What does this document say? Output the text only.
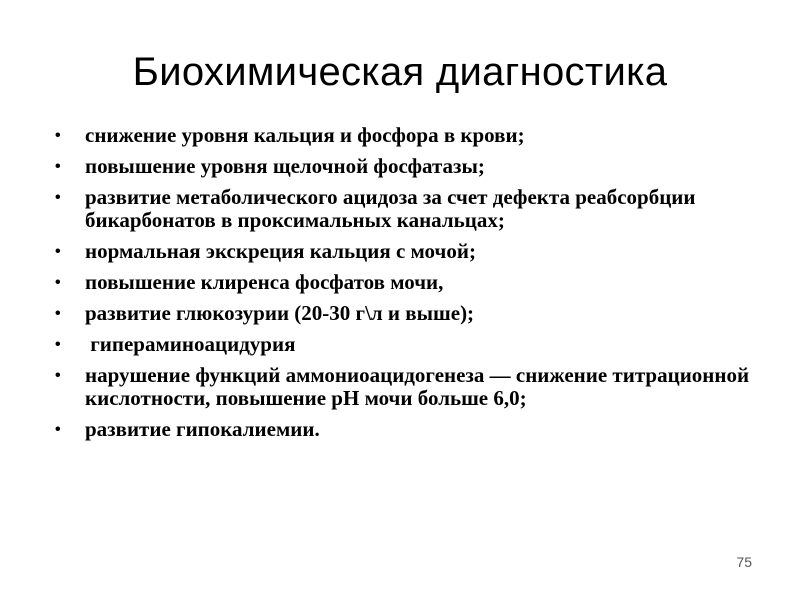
Биохимическая диагностика
• снижение уровня кальция и фосфора в крови;
• повышение уровня щелочной фосфатазы;
• развитие метаболического ацидоза за счет дефекта реабсорбции бикарбонатов в проксимальных канальцах;
• нормальная экскреция кальция с мочой;
• повышение клиренса фосфатов мочи,
• развитие глюкозурии (20-30 г\л и выше);
• гипераминоацидурия
• нарушение функций аммониоацидогенеза — снижение титрационной кислотности, повышение рН мочи больше 6,0;
• развитие гипокалиемии.
75
